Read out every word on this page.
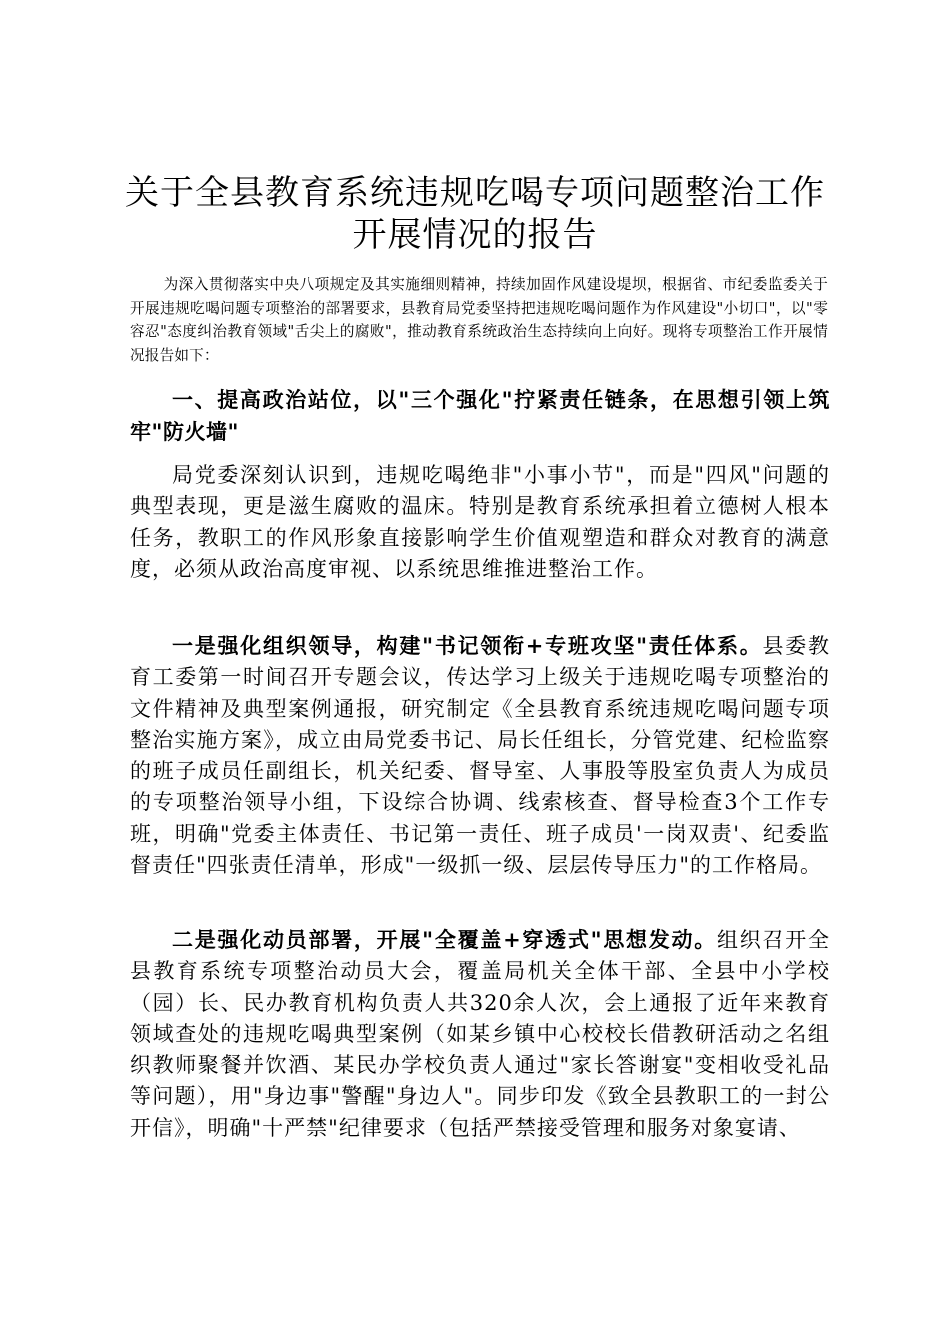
关于全县教育系统违规吃喝专项问题整治工作
开展情况的报告
为深入贯彻落实中央八项规定及其实施细则精神，持续加固作风建设堤坝，根据省、市纪委监委关于开展违规吃喝问题专项整治的部署要求，县教育局党委坚持把违规吃喝问题作为作风建设"小切口"，以"零容忍"态度纠治教育领域"舌尖上的腐败"，推动教育系统政治生态持续向上向好。现将专项整治工作开展情况报告如下：
一、提高政治站位，以"三个强化"拧紧责任链条，在思想引领上筑牢"防火墙"
局党委深刻认识到，违规吃喝绝非"小事小节"，而是"四风"问题的典型表现，更是滋生腐败的温床。特别是教育系统承担着立德树人根本任务，教职工的作风形象直接影响学生价值观塑造和群众对教育的满意度，必须从政治高度审视、以系统思维推进整治工作。
一是强化组织领导，构建"书记领衔+专班攻坚"责任体系。县委教育工委第一时间召开专题会议，传达学习上级关于违规吃喝专项整治的文件精神及典型案例通报，研究制定《全县教育系统违规吃喝问题专项整治实施方案》，成立由局党委书记、局长任组长，分管党建、纪检监察的班子成员任副组长，机关纪委、督导室、人事股等股室负责人为成员的专项整治领导小组，下设综合协调、线索核查、督导检查3个工作专班，明确"党委主体责任、书记第一责任、班子成员'一岗双责'、纪委监督责任"四张责任清单，形成"一级抓一级、层层传导压力"的工作格局。
二是强化动员部署，开展"全覆盖+穿透式"思想发动。组织召开全县教育系统专项整治动员大会，覆盖局机关全体干部、全县中小学校（园）长、民办教育机构负责人共320余人次，会上通报了近年来教育领域查处的违规吃喝典型案例（如某乡镇中心校校长借教研活动之名组织教师聚餐并饮酒、某民办学校负责人通过"家长答谢宴"变相收受礼品等问题），用"身边事"警醒"身边人"。同步印发《致全县教职工的一封公开信》，明确"十严禁"纪律要求（包括严禁接受管理和服务对象宴请、
